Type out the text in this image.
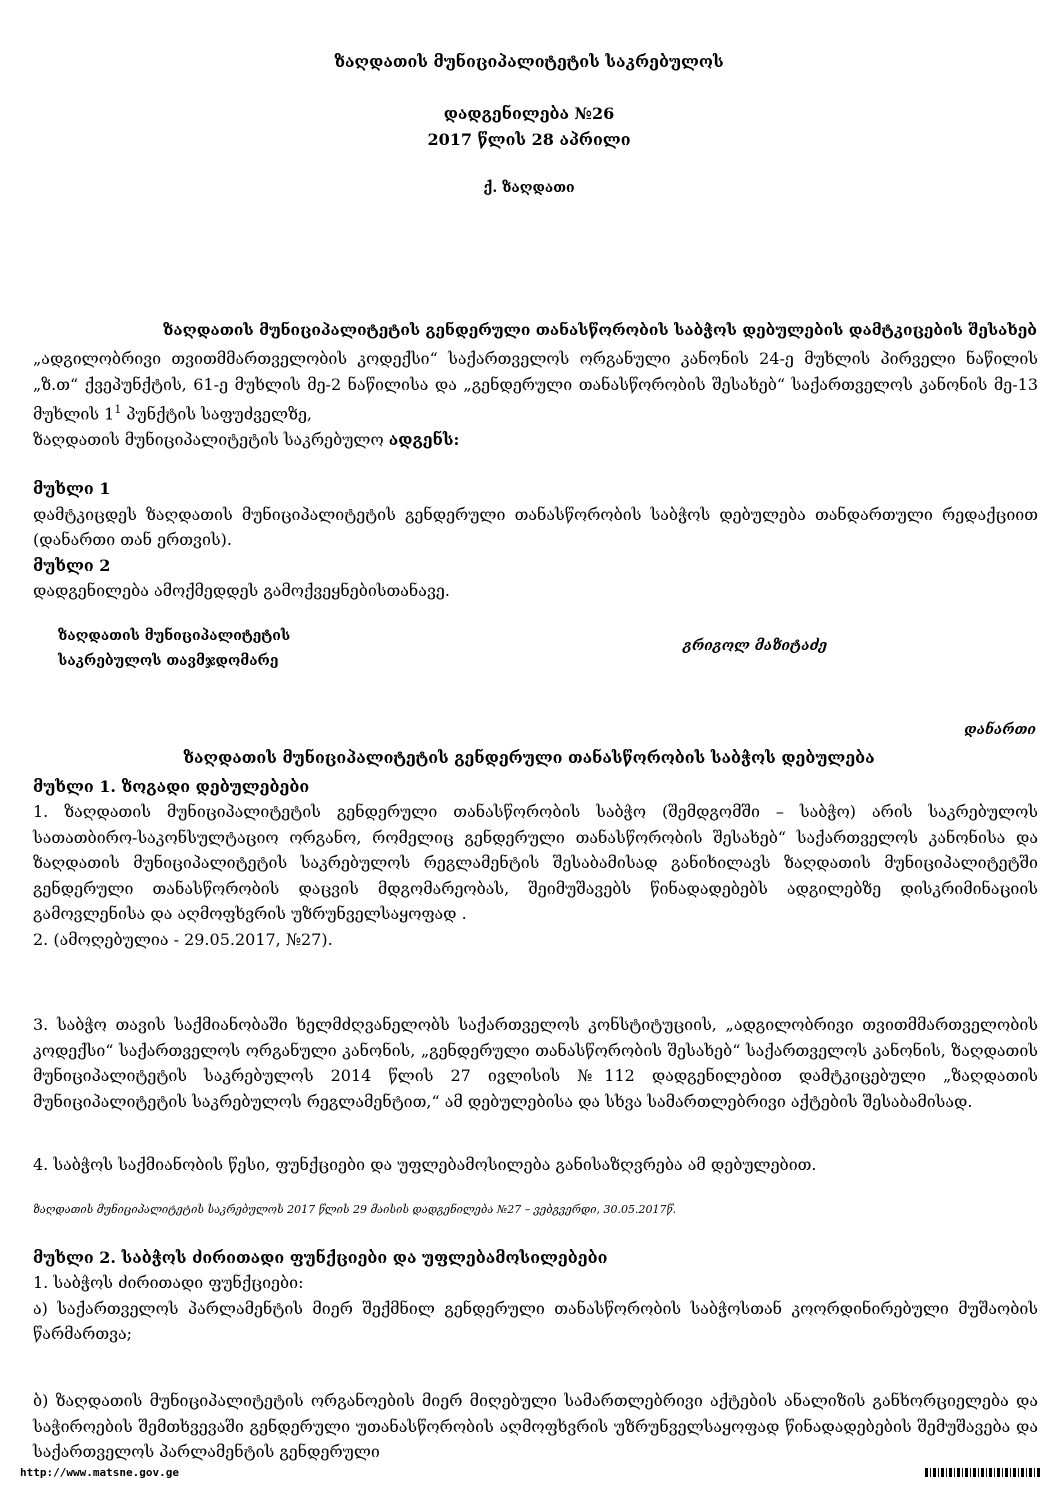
ზაღდათის მუნიციპალიტეტის საკრებულოს
დადგენილება №26
2017 წლის 28 აპრილი
ქ. ზაღდათი
ზაღდათის მუნიციპალიტეტის გენდერული თანასწორობის საბჭოს დებულების დამტკიცების შესახებ

„ადგილობრივი თვითმმართველობის კოდექსი“ საქართველოს ორგანული კანონის 24-ე მუხლის პირველი ნაწილის „ზ.თ“ ქვეპუნქტის, 61-ე მუხლის მე-2 ნაწილისა და „გენდერული თანასწორობის შესახებ“ საქართველოს კანონის მე-13 მუხლის $1^1$ პუნქტის საფუძველზე,

ზაღდათის მუნიციპალიტეტის საკრებულო ადგენს:

მუხლი 1

დამტკიცდეს ზაღდათის მუნიციპალიტეტის გენდერული თანასწორობის საბჭოს დებულება თანდართული რედაქციით (დანართი თან ერთვის).

მუხლი 2

დადგენილება ამოქმედდეს გამოქვეყნებისთანავე.

ზაღდათის მუნიციპალიტეტის
საკრებულოს თავმჯდომარე
გრიგოლ მაზიტაძე
დანართი
ზაღდათის მუნიციპალიტეტის გენდერული თანასწორობის საბჭოს დებულება

მუხლი 1. ზოგადი დებულებები

1. ზაღდათის მუნიციპალიტეტის გენდერული თანასწორობის საბჭო (შემდგომში – საბჭო) არის საკრებულოს სათათბირო-საკონსულტაციო ორგანო, რომელიც გენდერული თანასწორობის შესახებ“ საქართველოს კანონისა და ზაღდათის მუნიციპალიტეტის საკრებულოს რეგლამენტის შესაბამისად განიხილავს ზაღდათის მუნიციპალიტეტში გენდერული თანასწორობის დაცვის მდგომარეობას, შეიმუშავებს წინადადებებს ადგილებზე დისკრიმინაციის გამოვლენისა და აღმოფხვრის უზრუნველსაყოფად .

2. (ამოღებულია - 29.05.2017, №27).

3. საბჭო თავის საქმიანობაში ხელმძღვანელობს საქართველოს კონსტიტუციის, „ადგილობრივი თვითმმართველობის კოდექსი“ საქართველოს ორგანული კანონის, „გენდერული თანასწორობის შესახებ“ საქართველოს კანონის, ზაღდათის მუნიციპალიტეტის საკრებულოს 2014 წლის 27 ივლისის №112 დადგენილებით დამტკიცებული „ზაღდათის მუნიციპალიტეტის საკრებულოს რეგლამენტით,“ ამ დებულებისა და სხვა სამართლებრივი აქტების შესაბამისად.

4. საბჭოს საქმიანობის წესი, ფუნქციები და უფლებამოსილება განისაზღვრება ამ დებულებით.

ზაღდათის მუნიციპალიტეტის საკრებულოს 2017 წლის 29 მაისის დადგენილება №27 – ვებგვერდი, 30.05.2017წ.

მუხლი 2. საბჭოს ძირითადი ფუნქციები და უფლებამოსილებები

1. საბჭოს ძირითადი ფუნქციები:

ა) საქართველოს პარლამენტის მიერ შექმნილ გენდერული თანასწორობის საბჭოსთან კოორდინირებული მუშაობის წარმართვა;

ბ) ზაღდათის მუნიციპალიტეტის ორგანოების მიერ მიღებული სამართლებრივი აქტების ანალიზის განხორციელება და საჭიროების შემთხვევაში გენდერული უთანასწორობის აღმოფხვრის უზრუნველსაყოფად წინადადებების შემუშავება და საქართველოს პარლამენტის გენდერული

http://www.matsne.gov.ge
